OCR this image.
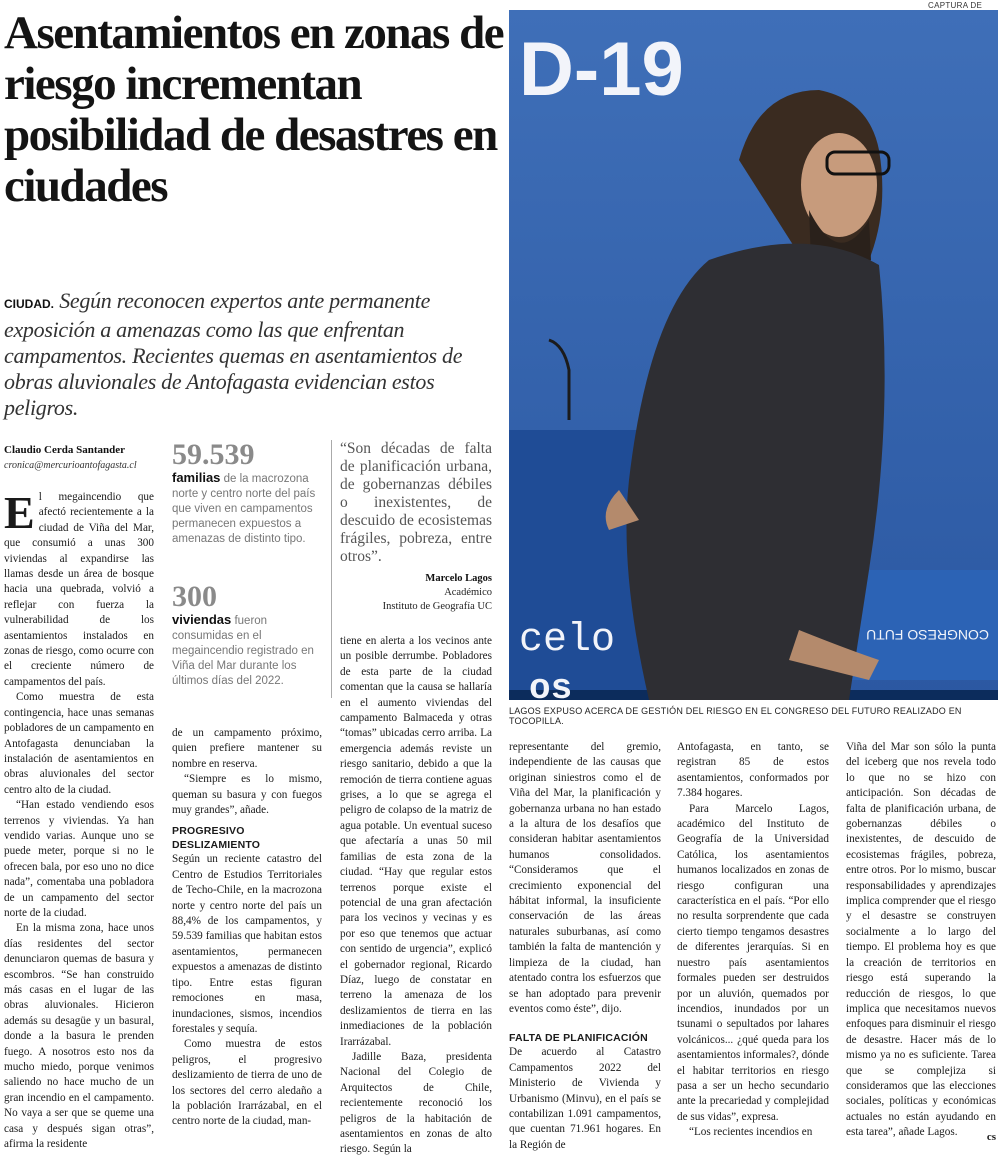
CAPTURA DE
Asentamientos en zonas de riesgo incrementan posibilidad de desastres en ciudades

CIUDAD. Según reconocen expertos ante permanente exposición a amenazas como las que enfrentan campamentos. Recientes quemas en asentamientos de obras aluvionales de Antofagasta evidencian estos peligros.

D-19
celo
os
CONGRESO FUTU
LAGOS EXPUSO ACERCA DE GESTIÓN DEL RIESGO EN EL CONGRESO DEL FUTURO REALIZADO EN TOCOPILLA.
Claudio Cerda Santander
cronica@mercurioantofagasta.cl

El megaincendio que afectó recientemente a la ciudad de Viña del Mar, que consumió a unas 300 viviendas al expandirse las llamas desde un área de bosque hacia una quebrada, volvió a reflejar con fuerza la vulnerabilidad de los asentamientos instalados en zonas de riesgo, como ocurre con el creciente número de campamentos del país.

Como muestra de esta contingencia, hace unas semanas pobladores de un campamento en Antofagasta denunciaban la instalación de asentamientos en obras aluvionales del sector centro alto de la ciudad.

“Han estado vendiendo esos terrenos y viviendas. Ya han vendido varias. Aunque uno se puede meter, porque si no le ofrecen bala, por eso uno no dice nada”, comentaba una pobladora de un campamento del sector norte de la ciudad.

En la misma zona, hace unos días residentes del sector denunciaron quemas de basura y escombros. “Se han construido más casas en el lugar de las obras aluvionales. Hicieron además su desagüe y un basural, donde a la basura le prenden fuego. A nosotros esto nos da mucho miedo, porque venimos saliendo no hace mucho de un gran incendio en el campamento. No vaya a ser que se queme una casa y después sigan otras”, afirma la residente

59.539
familias de la macrozona norte y centro norte del país que viven en campamentos permanecen expuestos a amenazas de distinto tipo.
300
viviendas fueron consumidas en el megaincendio registrado en Viña del Mar durante los últimos días del 2022.

de un campamento próximo, quien prefiere mantener su nombre en reserva.

“Siempre es lo mismo, queman su basura y con fuegos muy grandes”, añade.

PROGRESIVO
DESLIZAMIENTO

Según un reciente catastro del Centro de Estudios Territoriales de Techo-Chile, en la macrozona norte y centro norte del país un 88,4% de los campamentos, y 59.539 familias que habitan estos asentamientos, permanecen expuestos a amenazas de distinto tipo. Entre estas figuran remociones en masa, inundaciones, sismos, incendios forestales y sequía.

Como muestra de estos peligros, el progresivo deslizamiento de tierra de uno de los sectores del cerro aledaño a la población Irarrázabal, en el centro norte de la ciudad, man-

“Son décadas de falta de planificación urbana, de gobernanzas débiles o inexistentes, de descuido de ecosistemas frágiles, pobreza, entre otros”.
Marcelo Lagos
Académico
Instituto de Geografía UC

tiene en alerta a los vecinos ante un posible derrumbe. Pobladores de esta parte de la ciudad comentan que la causa se hallaría en el aumento viviendas del campamento Balmaceda y otras “tomas” ubicadas cerro arriba. La emergencia además reviste un riesgo sanitario, debido a que la remoción de tierra contiene aguas grises, a lo que se agrega el peligro de colapso de la matriz de agua potable. Un eventual suceso que afectaría a unas 50 mil familias de esta zona de la ciudad. “Hay que regular estos terrenos porque existe el potencial de una gran afectación para los vecinos y vecinas y es por eso que tenemos que actuar con sentido de urgencia”, explicó el gobernador regional, Ricardo Díaz, luego de constatar en terreno la amenaza de los deslizamientos de tierra en las inmediaciones de la población Irarrázabal.

Jadille Baza, presidenta Nacional del Colegio de Arquitectos de Chile, recientemente reconoció los peligros de la habitación de asentamientos en zonas de alto riesgo. Según la

representante del gremio, independiente de las causas que originan siniestros como el de Viña del Mar, la planificación y gobernanza urbana no han estado a la altura de los desafíos que consideran habitar asentamientos humanos consolidados. “Consideramos que el crecimiento exponencial del hábitat informal, la insuficiente conservación de las áreas naturales suburbanas, así como también la falta de mantención y limpieza de la ciudad, han atentado contra los esfuerzos que se han adoptado para prevenir eventos como éste”, dijo.

FALTA DE PLANIFICACIÓN

De acuerdo al Catastro Campamentos 2022 del Ministerio de Vivienda y Urbanismo (Minvu), en el país se contabilizan 1.091 campamentos, que cuentan 71.961 hogares. En la Región de

Antofagasta, en tanto, se registran 85 de estos asentamientos, conformados por 7.384 hogares.

Para Marcelo Lagos, académico del Instituto de Geografía de la Universidad Católica, los asentamientos humanos localizados en zonas de riesgo configuran una característica en el país. “Por ello no resulta sorprendente que cada cierto tiempo tengamos desastres de diferentes jerarquías. Si en nuestro país asentamientos formales pueden ser destruidos por un aluvión, quemados por incendios, inundados por un tsunami o sepultados por lahares volcánicos... ¿qué queda para los asentamientos informales?, dónde el habitar territorios en riesgo pasa a ser un hecho secundario ante la precariedad y complejidad de sus vidas”, expresa.

“Los recientes incendios en

Viña del Mar son sólo la punta del iceberg que nos revela todo lo que no se hizo con anticipación. Son décadas de falta de planificación urbana, de gobernanzas débiles o inexistentes, de descuido de ecosistemas frágiles, pobreza, entre otros. Por lo mismo, buscar responsabilidades y aprendizajes implica comprender que el riesgo y el desastre se construyen socialmente a lo largo del tiempo. El problema hoy es que la creación de territorios en riesgo está superando la reducción de riesgos, lo que implica que necesitamos nuevos enfoques para disminuir el riesgo de desastre. Hacer más de lo mismo ya no es suficiente. Tarea que se complejiza si consideramos que las elecciones sociales, políticas y económicas actuales no están ayudando en esta tarea”, añade Lagos.	cs
